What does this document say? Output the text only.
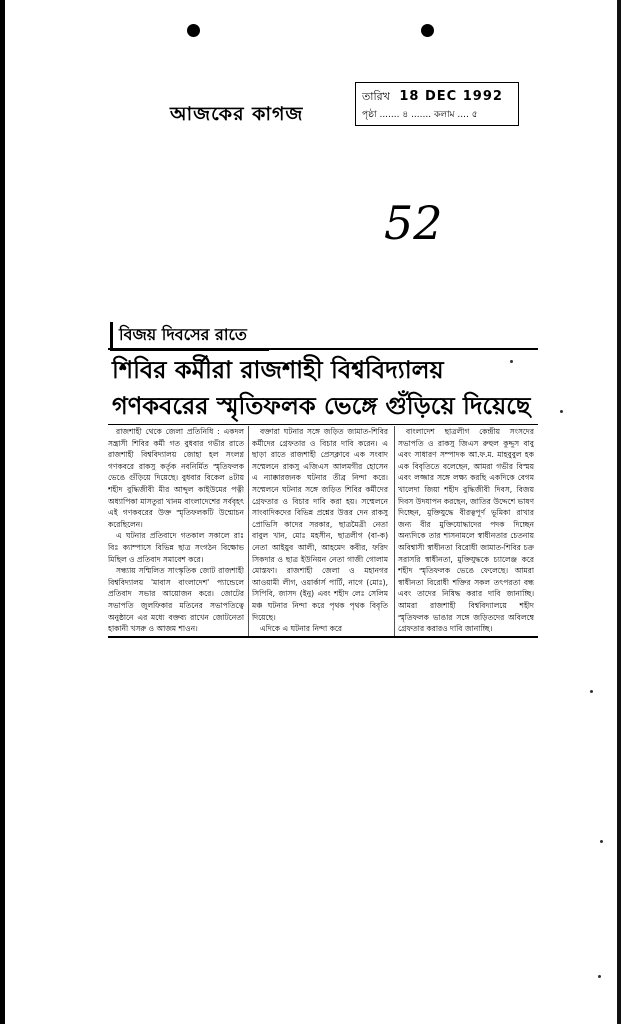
আজকের কাগজ
তারিখ 18 DEC 1992
পৃষ্ঠা ....... ৪ ....... কলাম .... ৫
52
বিজয় দিবসের রাতে
শিবির কর্মীরা রাজশাহী বিশ্ববিদ্যালয় গণকবরের স্মৃতিফলক ভেঙ্গে গুঁড়িয়ে দিয়েছে

রাজশাহী থেকে জেলা প্রতিনিধি : একদল সন্ত্রাসী শিবির কর্মী গত বুধবার গভীর রাতে রাজশাহী বিশ্ববিদ্যালয় জোহা হল সংলগ্ন গণকবরে রাকসু কর্তৃক নবনির্মিত স্মৃতিফলক ভেঙে গুঁড়িয়ে দিয়েছে। বুধবার বিকেল ৪টায় শহীদ বুদ্ধিজীবী মীর আব্দুল কাইউমের পত্নী অধ্যাপিকা মাসতুরা খানম বাংলাদেশের সর্ববৃহৎ এই গণকবরের উক্ত স্মৃতিফলকটি উন্মোচন করেছিলেন।

এ ঘটনার প্রতিবাদে গতকাল সকালে রাঃ বিঃ ক্যাম্পাসে বিভিন্ন ছাত্র সংগঠন বিক্ষোভ মিছিল ও প্রতিবাদ সমাবেশ করে।

সন্ধ্যায় সম্মিলিত সাংস্কৃতিক জোট রাজশাহী বিশ্ববিদ্যালয় 'মাবাস বাংলাদেশ' প্যান্ডেলে প্রতিবাদ সভার আয়োজন করে। জোটের সভাপতি জুলফিকার মতিনের সভাপতিত্বে অনুষ্ঠানে এর মধ্যে বক্তব্য রাখেন জোটনেতা হাকানী খসরু ও আজম শাওন।

বক্তারা ঘটনার সঙ্গে জড়িত জামাত-শিবির কর্মীদের গ্রেফতার ও বিচার দাবি করেন। এ ছাড়া রাতে রাজশাহী প্রেসক্লাবে এক সংবাদ সম্মেলনে রাকসু এজিএস আলমগীর হোসেন এ ন্যাক্কারজনক ঘটনার তীব্র নিন্দা করে। সম্মেলনে ঘটনার সঙ্গে জড়িত শিবির কর্মীদের গ্রেফতার ও বিচার দাবি করা হয়। সম্মেলনে সাংবাদিকদের বিভিন্ন প্রশ্নের উত্তর দেন রাকসু প্রোভিসি কাদের সরকার, ছাত্রমৈত্রী নেতা বাবুল খান, মোঃ মহসীন, ছাত্রলীগ (বা-ক) নেতা আইয়ুব আলী, আহমেদ কবীর, ফরিদ সিকদার ও ছাত্র ইউনিয়ন নেতা গাজী গোলাম মোস্তফা। রাজশাহী জেলা ও মহানগর আওয়ামী লীগ, ওয়ার্কার্স পার্টি, নাগে (মোঃ), সিপিবি, জাসদ (ইনু) এবং শহীদ লেঃ সেলিম মঞ্চ ঘটনার নিন্দা করে পৃথক পৃথক বিবৃতি দিয়েছে।

এদিকে এ ঘটনার নিন্দা করে

বাংলাদেশ ছাত্রলীগ কেন্দ্রীয় সংসদের সভাপতি ও রাকসু জিএস রুহুল কুদ্দুস বাবু এবং সাধারণ সম্পাদক আ.ফ.ম. মাহবুবুল হক এক বিবৃতিতে বলেছেন, আমরা গভীর বিস্ময় এবং লজ্জার সঙ্গে লক্ষ্য করছি একদিকে বেগম খালেদা জিয়া শহীদ বুদ্ধিজীবী দিবস, বিজয় দিবস উদযাপন করছেন, জাতির উদ্দেশে ভাষণ দিচ্ছেন, মুক্তিযুদ্ধে বীরত্বপূর্ণ ভূমিকা রাখার জন্য বীর মুক্তিযোদ্ধাদের পদক দিচ্ছেন অন্যদিকে তার শাসনামলে স্বাধীনতার চেতনায় অবিশ্বাসী স্বাধীনতা বিরোধী জামাত-শিবির চক্র সরাসরি স্বাধীনতা, মুক্তিযুদ্ধকে চ্যালেঞ্জ করে শহীদ স্মৃতিফলক ভেঙে ফেলেছে। আমরা স্বাধীনতা বিরোধী শক্তির সকল তৎপরতা বন্ধ এবং তাদের নিষিদ্ধ করার দাবি জানাচ্ছি। আমরা রাজশাহী বিশ্ববিদ্যালয়ে শহীদ স্মৃতিফলক ভাঙার সঙ্গে জড়িতদের অবিলম্বে গ্রেফতার করারও দাবি জানাচ্ছি।
